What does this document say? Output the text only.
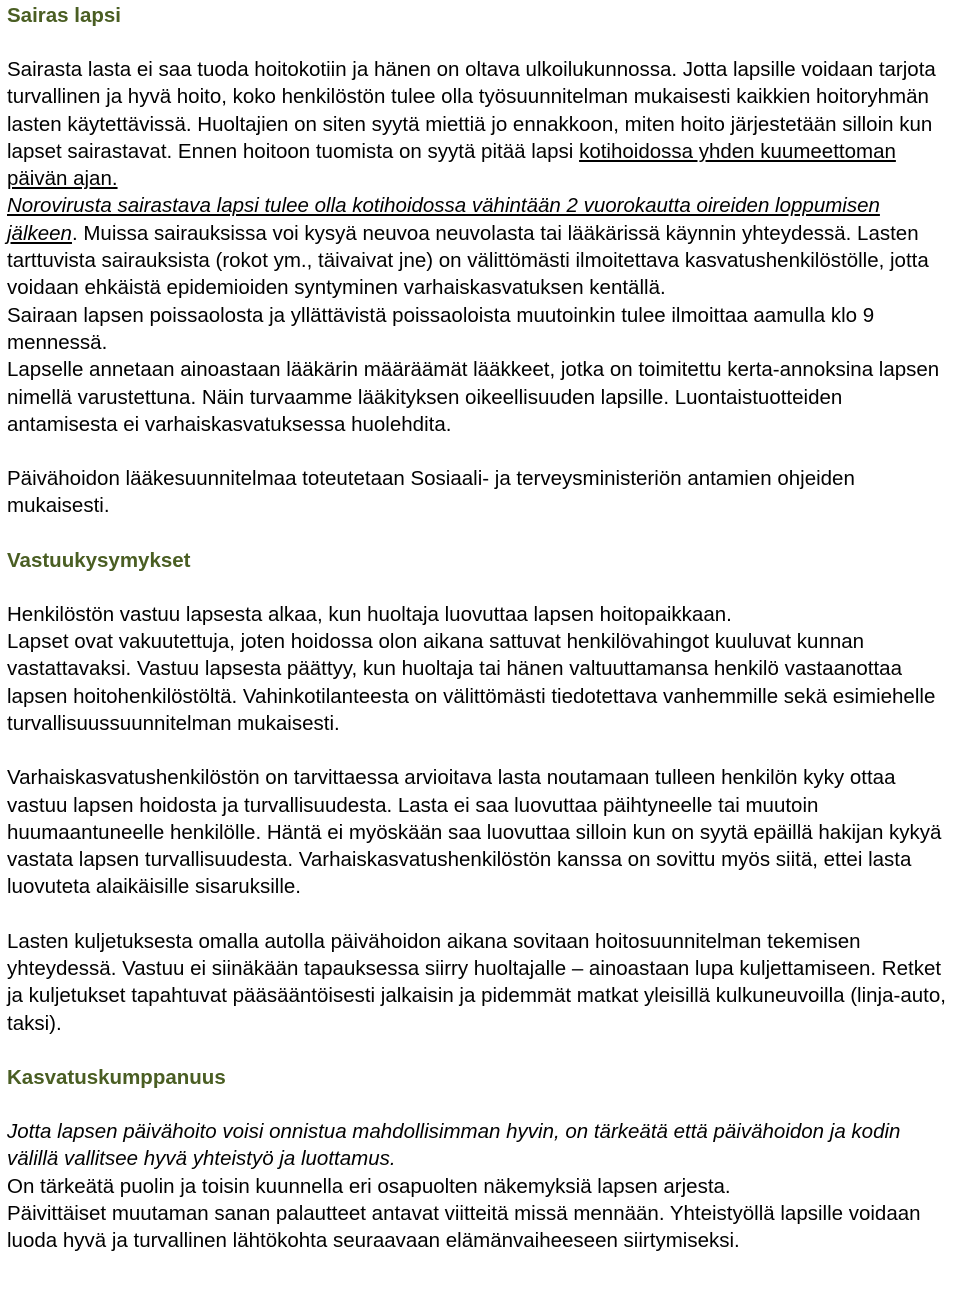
Sairas lapsi

Sairasta lasta ei saa tuoda hoitokotiin ja hänen on oltava ulkoilukunnossa. Jotta lapsille voidaan tarjota turvallinen ja hyvä hoito, koko henkilöstön tulee olla työsuunnitelman mukaisesti kaikkien hoitoryhmän lasten käytettävissä. Huoltajien on siten syytä miettiä jo ennakkoon, miten hoito järjestetään silloin kun lapset sairastavat. Ennen hoitoon tuomista on syytä pitää lapsi kotihoidossa yhden kuumeettoman päivän ajan.
Norovirusta sairastava lapsi tulee olla kotihoidossa vähintään 2 vuorokautta oireiden loppumisen jälkeen. Muissa sairauksissa voi kysyä neuvoa neuvolasta tai lääkärissä käynnin yhteydessä. Lasten tarttuvista sairauksista (rokot ym., täivaivat jne) on välittömästi ilmoitettava kasvatushenkilöstölle, jotta voidaan ehkäistä epidemioiden syntyminen varhaiskasvatuksen kentällä.

Sairaan lapsen poissaolosta ja yllättävistä poissaoloista muutoinkin tulee ilmoittaa aamulla klo 9 mennessä.

Lapselle annetaan ainoastaan lääkärin määräämät lääkkeet, jotka on toimitettu kerta-annoksina lapsen nimellä varustettuna. Näin turvaamme lääkityksen oikeellisuuden lapsille. Luontaistuotteiden antamisesta ei varhaiskasvatuksessa huolehdita.

Päivähoidon lääkesuunnitelmaa toteutetaan Sosiaali- ja terveysministeriön antamien ohjeiden mukaisesti.

Vastuukysymykset

Henkilöstön vastuu lapsesta alkaa, kun huoltaja luovuttaa lapsen hoitopaikkaan.

Lapset ovat vakuutettuja, joten hoidossa olon aikana sattuvat henkilövahingot kuuluvat kunnan vastattavaksi. Vastuu lapsesta päättyy, kun huoltaja tai hänen valtuuttamansa henkilö vastaanottaa lapsen hoitohenkilöstöltä. Vahinkotilanteesta on välittömästi tiedotettava vanhemmille sekä esimiehelle turvallisuussuunnitelman mukaisesti.

Varhaiskasvatushenkilöstön on tarvittaessa arvioitava lasta noutamaan tulleen henkilön kyky ottaa vastuu lapsen hoidosta ja turvallisuudesta. Lasta ei saa luovuttaa päihtyneelle tai muutoin huumaantuneelle henkilölle. Häntä ei myöskään saa luovuttaa silloin kun on syytä epäillä hakijan kykyä vastata lapsen turvallisuudesta. Varhaiskasvatushenkilöstön kanssa on sovittu myös siitä, ettei lasta luovuteta alaikäisille sisaruksille.

Lasten kuljetuksesta omalla autolla päivähoidon aikana sovitaan hoitosuunnitelman tekemisen yhteydessä. Vastuu ei siinäkään tapauksessa siirry huoltajalle – ainoastaan lupa kuljettamiseen. Retket ja kuljetukset tapahtuvat pääsääntöisesti jalkaisin ja pidemmät matkat yleisillä kulkuneuvoilla (linja-auto, taksi).

Kasvatuskumppanuus

Jotta lapsen päivähoito voisi onnistua mahdollisimman hyvin, on tärkeätä että päivähoidon ja kodin välillä vallitsee hyvä yhteistyö ja luottamus.

On tärkeätä puolin ja toisin kuunnella eri osapuolten näkemyksiä lapsen arjesta.

Päivittäiset muutaman sanan palautteet antavat viitteitä missä mennään. Yhteistyöllä lapsille voidaan luoda hyvä ja turvallinen lähtökohta seuraavaan elämänvaiheeseen siirtymiseksi.
